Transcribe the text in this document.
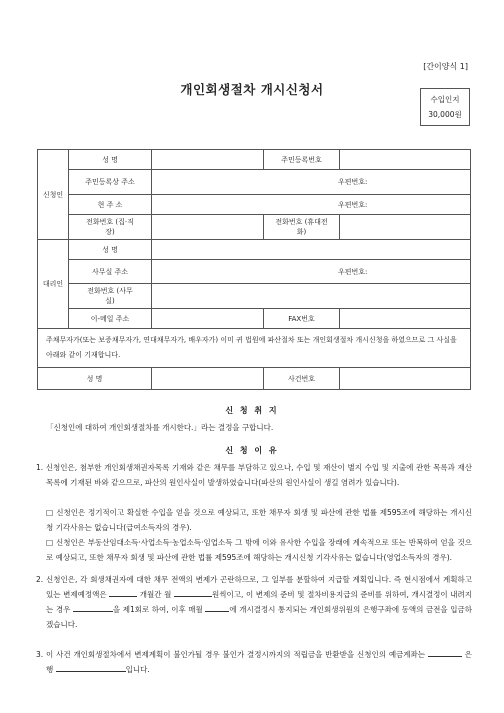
[간이양식 1]
개인회생절차 개시신청서
수입인지
30,000원
신청인	성 명		주민등록번호	
	주민등록상 주소	우편번호:		
	현 주 소	우편번호:		
	전화번호 (집·직장)		전화번호 (휴대전화)	
대리인	성 명			
	사무실 주소	우편번호:		
	전화번호 (사무실)			
	이-메일 주소		FAX번호	
주채무자가(또는 보증채무자가, 연대채무자가, 배우자가) 이미 귀 법원에 파산절차 또는 개인회생절차 개시신청을 하였으므로 그 사실을 아래와 같이 기재합니다.				
성 명			사건번호	
신 청 취 지
「신청인에 대하여 개인회생절차를 개시한다.」라는 결정을 구합니다.
신 청 이 유
1. 신청인은, 첨부한 개인회생채권자목록 기재와 같은 채무를 부담하고 있으나, 수입 및 재산이 별지 수입 및 지출에 관한 목록과 재산목록에 기재된 바와 같으므로, 파산의 원인사실이 발생하였습니다(파산의 원인사실이 생길 염려가 있습니다).
□ 신청인은 정기적이고 확실한 수입을 얻을 것으로 예상되고, 또한 채무자 회생 및 파산에 관한 법률 제595조에 해당하는 개시신청 기각사유는 없습니다(급여소득자의 경우).
□ 신청인은 부동산임대소득·사업소득·농업소득·임업소득 그 밖에 이와 유사한 수입을 장래에 계속적으로 또는 반복하여 얻을 것으로 예상되고, 또한 채무자 회생 및 파산에 관한 법률 제595조에 해당하는 개시신청 기각사유는 없습니다(영업소득자의 경우).
2. 신청인은, 각 회생채권자에 대한 채무 전액의 변제가 곤란하므로, 그 일부를 분할하여 지급할 계획입니다. 즉 현시점에서 계획하고 있는 변제예정액은	개월간 월	원씩이고, 이 변제의 준비 및 절차비용지급의 준비를 위하여, 개시결정이 내려지는 경우	을 제1회로 하여, 이후 매월	에 개시결정시 통지되는 개인회생위원의 은행구좌에 동액의 금전을 입금하겠습니다.
3. 이 사건 개인회생절차에서 변제계획이 불인가될 경우 불인가 결정시까지의 적립금을 반환받을 신청인의 예금계좌는	은행	입니다.
